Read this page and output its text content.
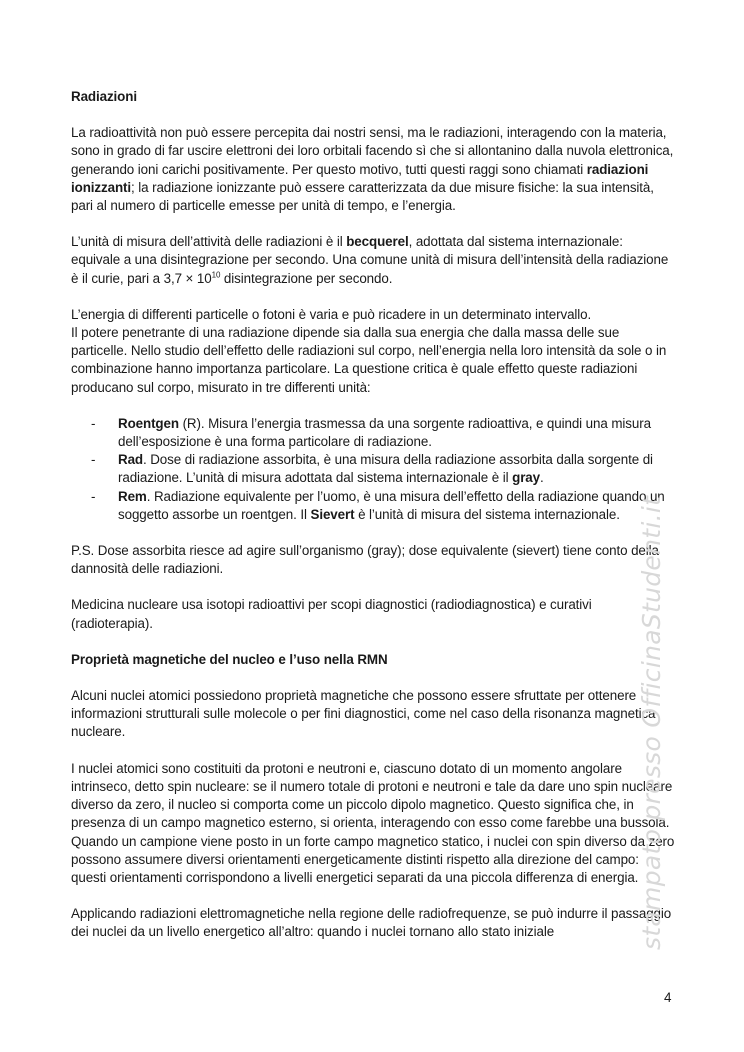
Radiazioni

La radioattività non può essere percepita dai nostri sensi, ma le radiazioni, interagendo con la materia, sono in grado di far uscire elettroni dei loro orbitali facendo sì che si allontanino dalla nuvola elettronica, generando ioni carichi positivamente. Per questo motivo, tutti questi raggi sono chiamati radiazioni ionizzanti; la radiazione ionizzante può essere caratterizzata da due misure fisiche: la sua intensità, pari al numero di particelle emesse per unità di tempo, e l’energia.

L’unità di misura dell’attività delle radiazioni è il becquerel, adottata dal sistema internazionale: equivale a una disintegrazione per secondo. Una comune unità di misura dell’intensità della radiazione è il curie, pari a $3,7 \times 10^{10}$ disintegrazione per secondo.

L’energia di differenti particelle o fotoni è varia e può ricadere in un determinato intervallo.
Il potere penetrante di una radiazione dipende sia dalla sua energia che dalla massa delle sue particelle. Nello studio dell’effetto delle radiazioni sul corpo, nell’energia nella loro intensità da sole o in combinazione hanno importanza particolare. La questione critica è quale effetto queste radiazioni producano sul corpo, misurato in tre differenti unità:

- Roentgen (R). Misura l’energia trasmessa da una sorgente radioattiva, e quindi una misura dell’esposizione è una forma particolare di radiazione.
- Rad. Dose di radiazione assorbita, è una misura della radiazione assorbita dalla sorgente di radiazione. L’unità di misura adottata dal sistema internazionale è il gray.
- Rem. Radiazione equivalente per l’uomo, è una misura dell’effetto della radiazione quando un soggetto assorbe un roentgen. Il Sievert è l’unità di misura del sistema internazionale.

P.S. Dose assorbita riesce ad agire sull’organismo (gray); dose equivalente (sievert) tiene conto della dannosità delle radiazioni.

Medicina nucleare usa isotopi radioattivi per scopi diagnostici (radiodiagnostica) e curativi (radioterapia).

Proprietà magnetiche del nucleo e l’uso nella RMN

Alcuni nuclei atomici possiedono proprietà magnetiche che possono essere sfruttate per ottenere informazioni strutturali sulle molecole o per fini diagnostici, come nel caso della risonanza magnetica nucleare.

I nuclei atomici sono costituiti da protoni e neutroni e, ciascuno dotato di un momento angolare intrinseco, detto spin nucleare: se il numero totale di protoni e neutroni e tale da dare uno spin nucleare diverso da zero, il nucleo si comporta come un piccolo dipolo magnetico. Questo significa che, in presenza di un campo magnetico esterno, si orienta, interagendo con esso come farebbe una bussola. Quando un campione viene posto in un forte campo magnetico statico, i nuclei con spin diverso da zero possono assumere diversi orientamenti energeticamente distinti rispetto alla direzione del campo: questi orientamenti corrispondono a livelli energetici separati da una piccola differenza di energia.

Applicando radiazioni elettromagnetiche nella regione delle radiofrequenze, se può indurre il passaggio dei nuclei da un livello energetico all’altro: quando i nuclei tornano allo stato iniziale	stampato presso OfficinaStudenti.it
4
